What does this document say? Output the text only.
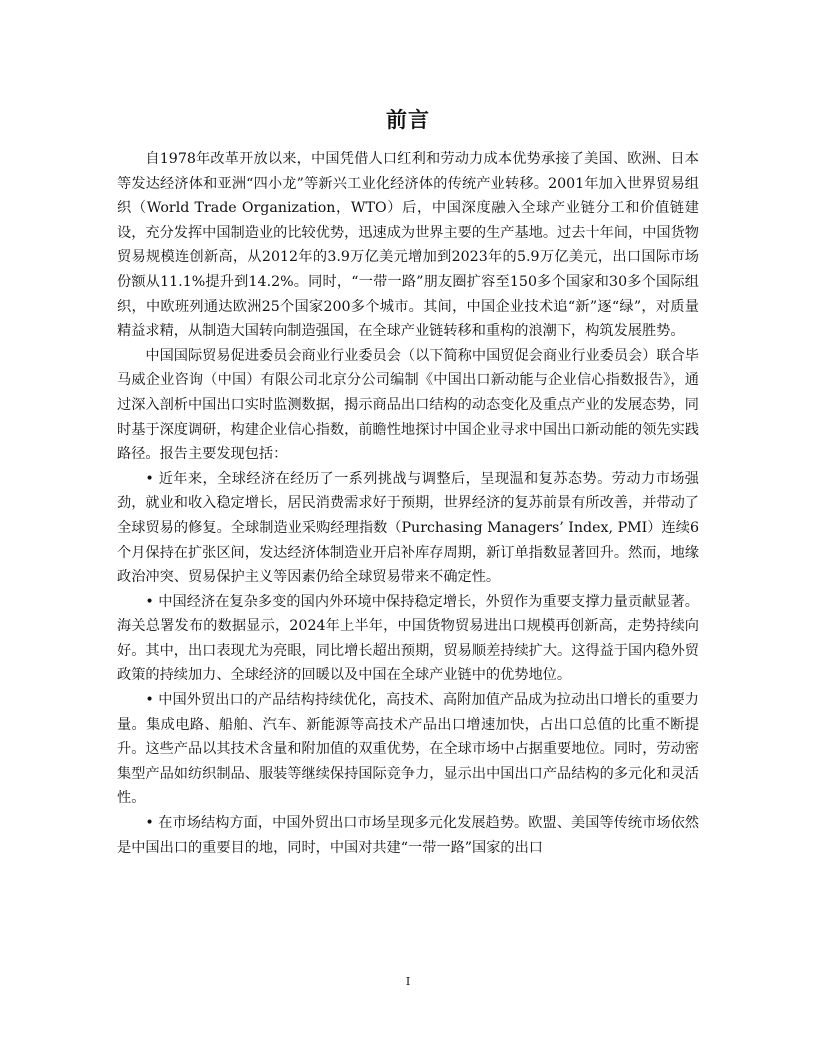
前言

自1978年改革开放以来，中国凭借人口红利和劳动力成本优势承接了美国、欧洲、日本等发达经济体和亚洲“四小龙”等新兴工业化经济体的传统产业转移。2001年加入世界贸易组织（World Trade Organization，WTO）后，中国深度融入全球产业链分工和价值链建设，充分发挥中国制造业的比较优势，迅速成为世界主要的生产基地。过去十年间，中国货物贸易规模连创新高，从2012年的3.9万亿美元增加到2023年的5.9万亿美元，出口国际市场份额从11.1%提升到14.2%。同时，“一带一路”朋友圈扩容至150多个国家和30多个国际组织，中欧班列通达欧洲25个国家200多个城市。其间，中国企业技术追“新”逐“绿”，对质量精益求精，从制造大国转向制造强国，在全球产业链转移和重构的浪潮下，构筑发展胜势。

中国国际贸易促进委员会商业行业委员会（以下简称中国贸促会商业行业委员会）联合毕马威企业咨询（中国）有限公司北京分公司编制《中国出口新动能与企业信心指数报告》，通过深入剖析中国出口实时监测数据，揭示商品出口结构的动态变化及重点产业的发展态势，同时基于深度调研，构建企业信心指数，前瞻性地探讨中国企业寻求中国出口新动能的领先实践路径。报告主要发现包括：

• 近年来，全球经济在经历了一系列挑战与调整后，呈现温和复苏态势。劳动力市场强劲，就业和收入稳定增长，居民消费需求好于预期，世界经济的复苏前景有所改善，并带动了全球贸易的修复。全球制造业采购经理指数（Purchasing Managers’ Index, PMI）连续6个月保持在扩张区间，发达经济体制造业开启补库存周期，新订单指数显著回升。然而，地缘政治冲突、贸易保护主义等因素仍给全球贸易带来不确定性。

• 中国经济在复杂多变的国内外环境中保持稳定增长，外贸作为重要支撑力量贡献显著。海关总署发布的数据显示，2024年上半年，中国货物贸易进出口规模再创新高，走势持续向好。其中，出口表现尤为亮眼，同比增长超出预期，贸易顺差持续扩大。这得益于国内稳外贸政策的持续加力、全球经济的回暖以及中国在全球产业链中的优势地位。

• 中国外贸出口的产品结构持续优化，高技术、高附加值产品成为拉动出口增长的重要力量。集成电路、船舶、汽车、新能源等高技术产品出口增速加快，占出口总值的比重不断提升。这些产品以其技术含量和附加值的双重优势，在全球市场中占据重要地位。同时，劳动密集型产品如纺织制品、服装等继续保持国际竞争力，显示出中国出口产品结构的多元化和灵活性。

• 在市场结构方面，中国外贸出口市场呈现多元化发展趋势。欧盟、美国等传统市场依然是中国出口的重要目的地，同时，中国对共建“一带一路”国家的出口

I
